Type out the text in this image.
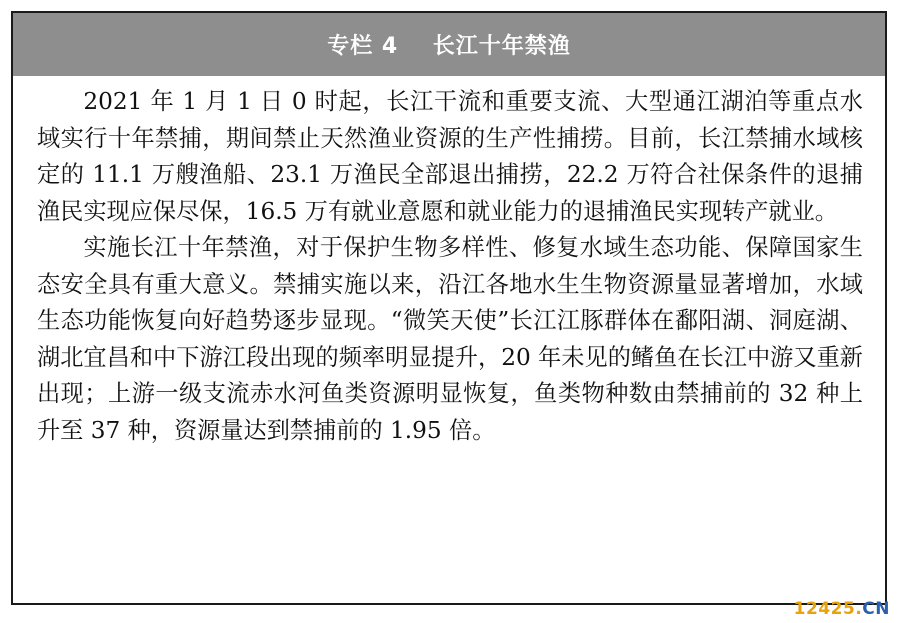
专栏 4    长江十年禁渔

2021 年 1 月 1 日 0 时起，长江干流和重要支流、大型通江湖泊等重点水域实行十年禁捕，期间禁止天然渔业资源的生产性捕捞。目前，长江禁捕水域核定的 11.1 万艘渔船、23.1 万渔民全部退出捕捞，22.2 万符合社保条件的退捕渔民实现应保尽保，16.5 万有就业意愿和就业能力的退捕渔民实现转产就业。

实施长江十年禁渔，对于保护生物多样性、修复水域生态功能、保障国家生态安全具有重大意义。禁捕实施以来，沿江各地水生生物资源量显著增加，水域生态功能恢复向好趋势逐步显现。“微笑天使”长江江豚群体在鄱阳湖、洞庭湖、湖北宜昌和中下游江段出现的频率明显提升，20 年未见的鳍鱼在长江中游又重新出现；上游一级支流赤水河鱼类资源明显恢复，鱼类物种数由禁捕前的 32 种上升至 37 种，资源量达到禁捕前的 1.95 倍。

12425.CN
